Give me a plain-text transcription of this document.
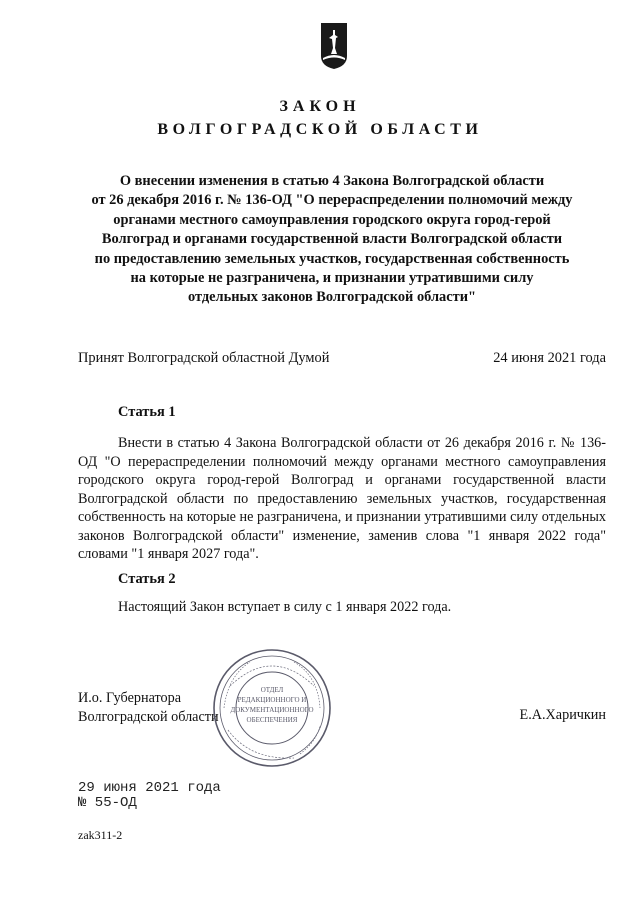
ЗАКОН
ВОЛГОГРАДСКОЙ ОБЛАСТИ
О внесении изменения в статью 4 Закона Волгоградской области
от 26 декабря 2016 г. № 136-ОД "О перераспределении полномочий между
органами местного самоуправления городского округа город-герой
Волгоград и органами государственной власти Волгоградской области
по предоставлению земельных участков, государственная собственность
на которые не разграничена, и признании утратившими силу
отдельных законов Волгоградской области"
Принят Волгоградской областной Думой	24 июня 2021 года
Статья 1
Внести в статью 4 Закона Волгоградской области от 26 декабря 2016 г. № 136-ОД "О перераспределении полномочий между органами местного самоуправления городского округа город-герой Волгоград и органами государственной власти Волгоградской области по предоставлению земельных участков, государственная собственность на которые не разграничена, и признании утратившими силу отдельных законов Волгоградской области" изменение, заменив слова "1 января 2022 года" словами "1 января 2027 года".
Статья 2
Настоящий Закон вступает в силу с 1 января 2022 года.
И.о. Губернатора
Волгоградской области	Е.А.Харичкин
ОТДЕЛ
РЕДАКЦИОННОГО И
ДОКУМЕНТАЦИОННОГО
ОБЕСПЕЧЕНИЯ
29 июня 2021 года
№ 55-ОД
zak311-2
